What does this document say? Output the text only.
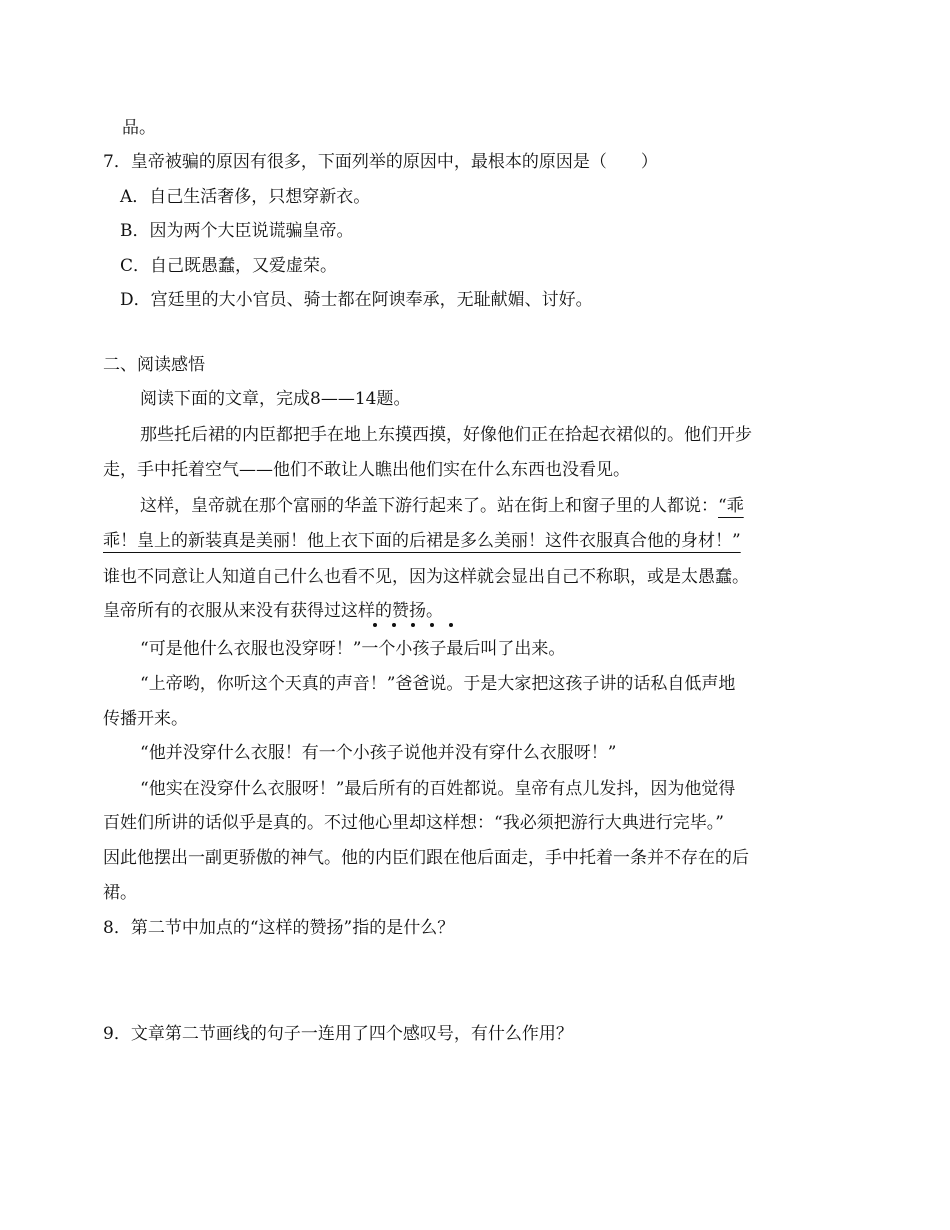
品。

7．皇帝被骗的原因有很多，下面列举的原因中，最根本的原因是（　　）

A．自己生活奢侈，只想穿新衣。

B．因为两个大臣说谎骗皇帝。

C．自己既愚蠢，又爱虚荣。

D．宫廷里的大小官员、骑士都在阿谀奉承，无耻献媚、讨好。

二、阅读感悟

阅读下面的文章，完成8——14题。

那些托后裙的内臣都把手在地上东摸西摸，好像他们正在拾起衣裙似的。他们开步

走，手中托着空气——他们不敢让人瞧出他们实在什么东西也没看见。

这样，皇帝就在那个富丽的华盖下游行起来了。站在街上和窗子里的人都说：“乖

乖！皇上的新装真是美丽！他上衣下面的后裙是多么美丽！这件衣服真合他的身材！”

谁也不同意让人知道自己什么也看不见，因为这样就会显出自己不称职，或是太愚蠢。

皇帝所有的衣服从来没有获得过这样的赞扬。

“可是他什么衣服也没穿呀！”一个小孩子最后叫了出来。

“上帝哟，你听这个天真的声音！”爸爸说。于是大家把这孩子讲的话私自低声地

传播开来。

“他并没穿什么衣服！有一个小孩子说他并没有穿什么衣服呀！”

“他实在没穿什么衣服呀！”最后所有的百姓都说。皇帝有点儿发抖，因为他觉得

百姓们所讲的话似乎是真的。不过他心里却这样想：“我必须把游行大典进行完毕。”

因此他摆出一副更骄傲的神气。他的内臣们跟在他后面走，手中托着一条并不存在的后

裙。

8．第二节中加点的“这样的赞扬”指的是什么？

9．文章第二节画线的句子一连用了四个感叹号，有什么作用？
